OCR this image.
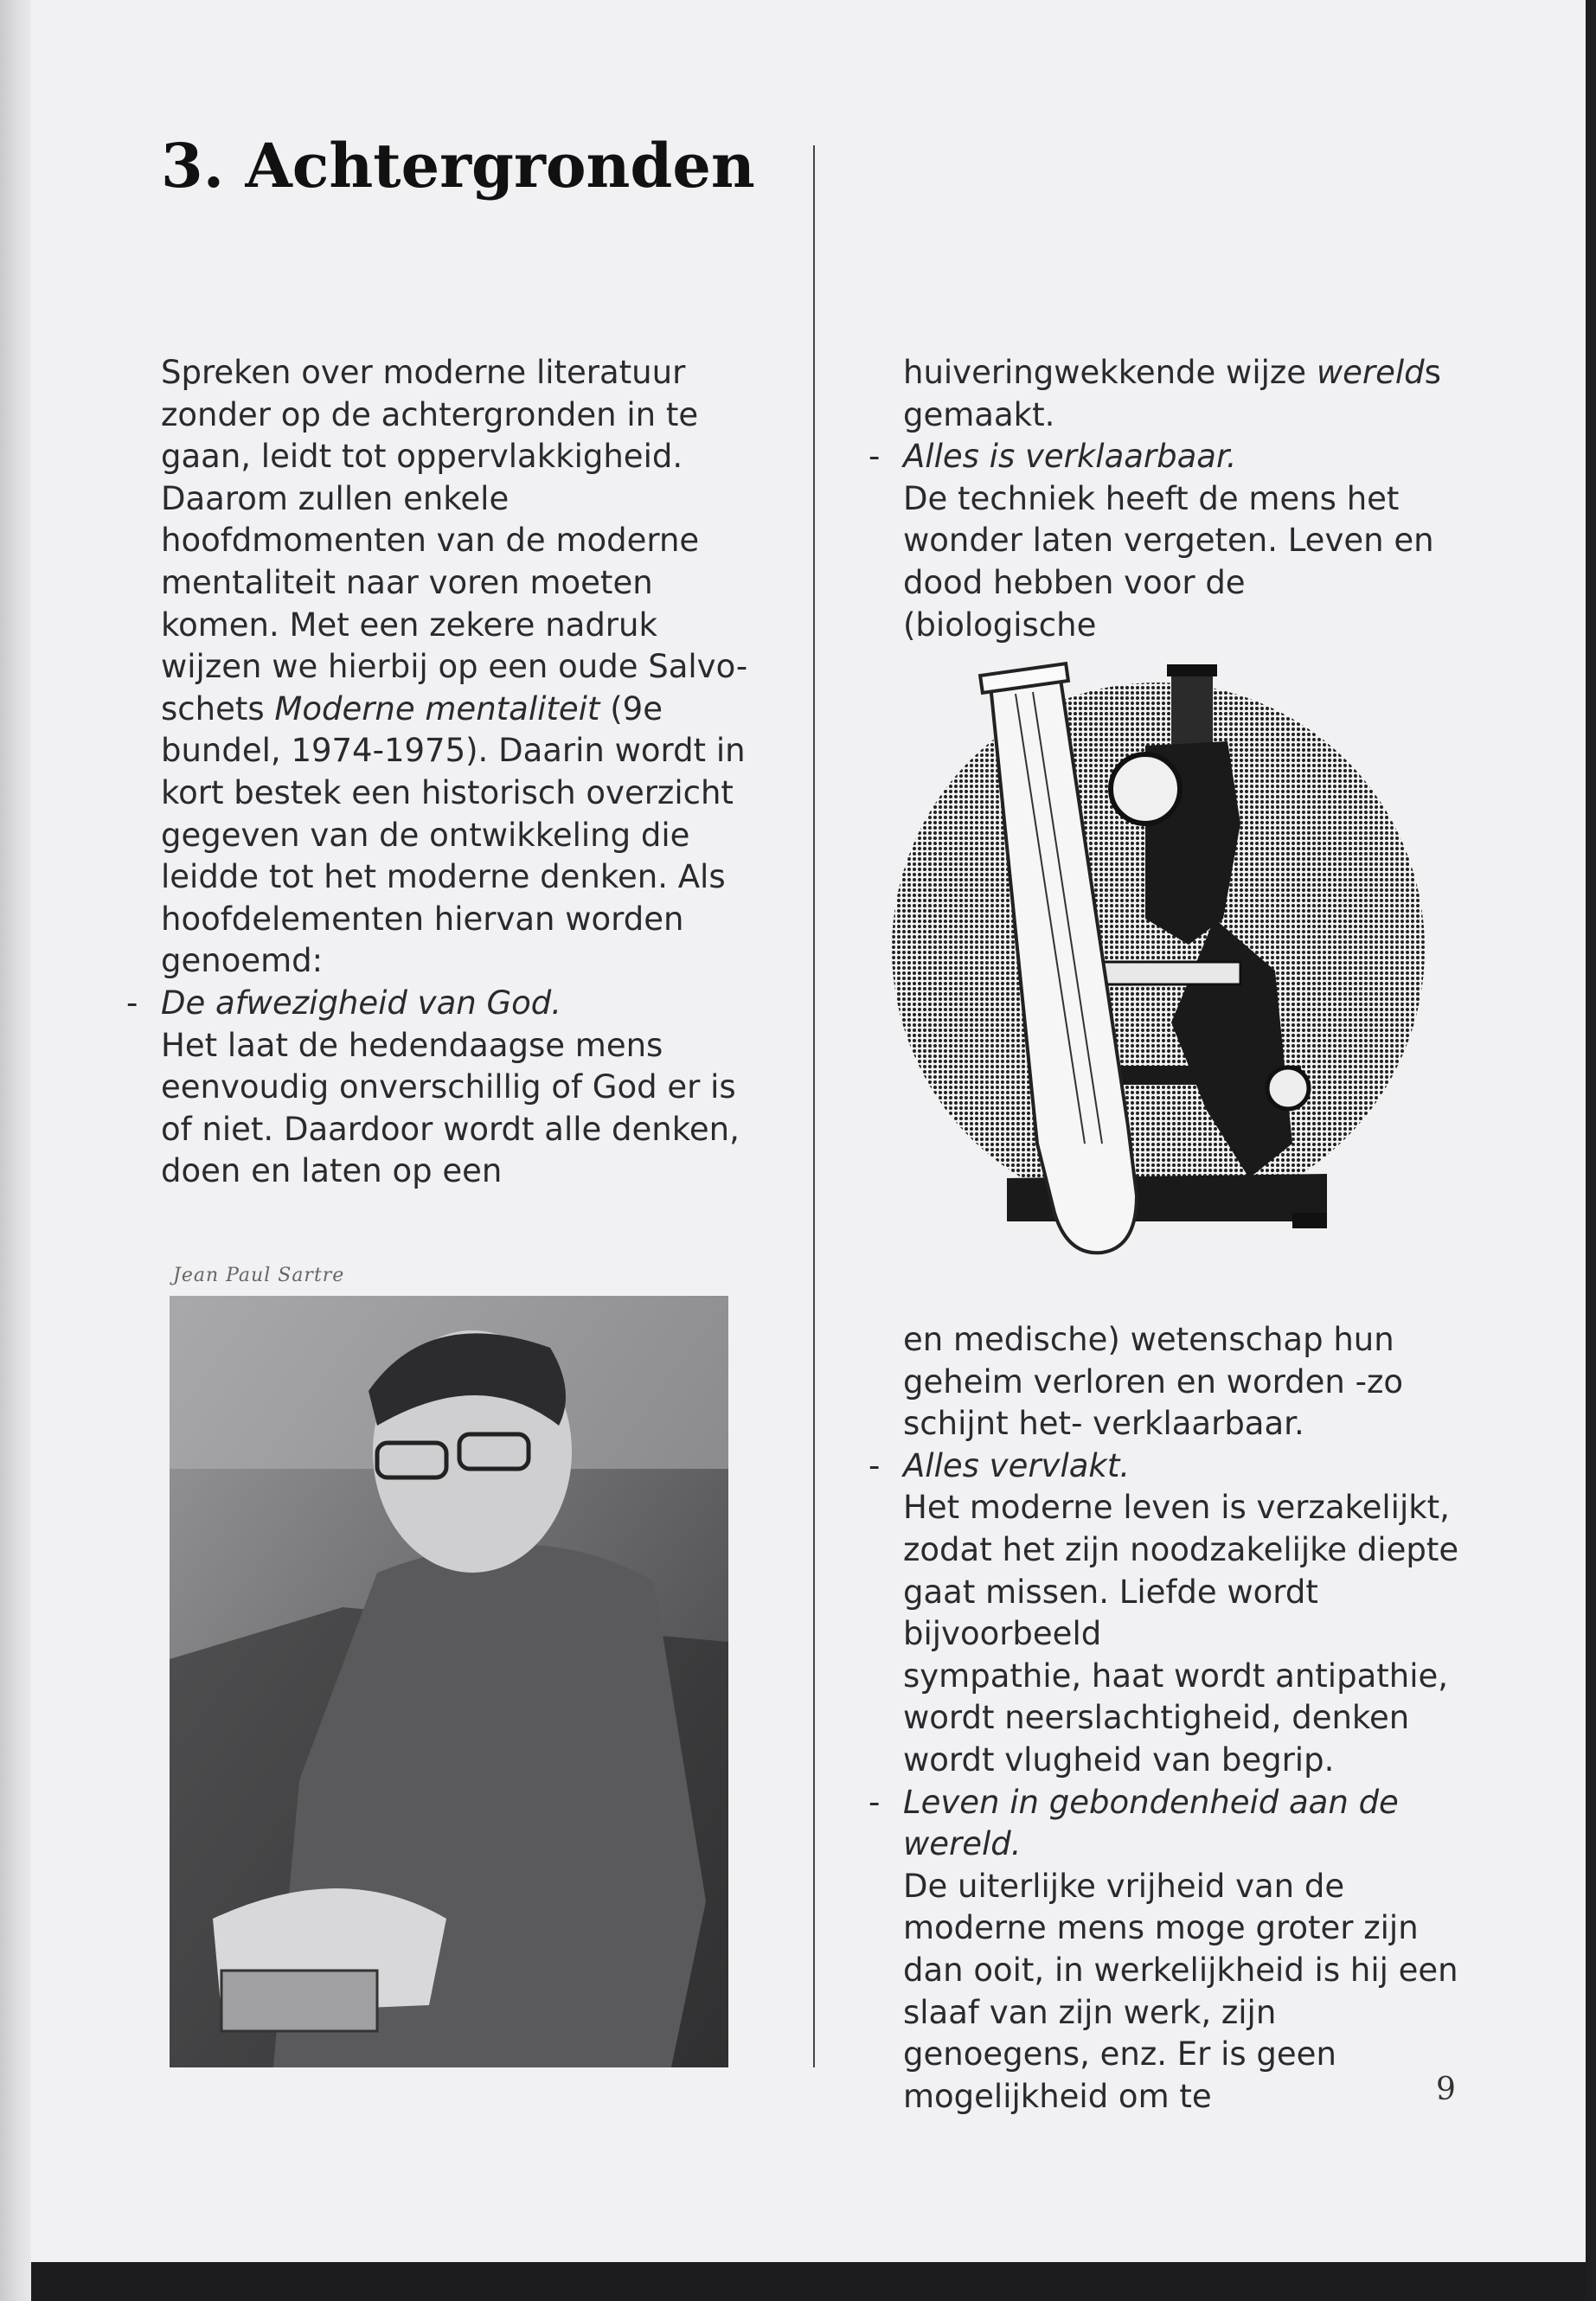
3. Achtergronden

Spreken over moderne literatuur zonder op de achtergronden in te gaan, leidt tot oppervlakkigheid. Daarom zullen enkele hoofdmomenten van de moderne mentaliteit naar voren moeten komen. Met een zekere nadruk wijzen we hierbij op een oude Salvo-schets Moderne mentaliteit (9e bundel, 1974-1975). Daarin wordt in kort bestek een historisch overzicht gegeven van de ontwikkeling die leidde tot het moderne denken. Als hoofdelementen hiervan worden genoemd:

- De afwezigheid van God.

Het laat de hedendaagse mens eenvoudig onverschillig of God er is of niet. Daardoor wordt alle denken, doen en laten op een

huiveringwekkende wijze werelds gemaakt.

- Alles is verklaarbaar.

De techniek heeft de mens het wonder laten vergeten. Leven en dood hebben voor de (biologische

Jean Paul Sartre

en medische) wetenschap hun geheim verloren en worden -zo schijnt het- verklaarbaar.

- Alles vervlakt.

Het moderne leven is verzakelijkt, zodat het zijn noodzakelijke diepte gaat missen. Liefde wordt bijvoorbeeld

sympathie, haat wordt antipathie, wordt neerslachtigheid, denken wordt vlugheid van begrip.

- Leven in gebondenheid aan de wereld.

De uiterlijke vrijheid van de moderne mens moge groter zijn dan ooit, in werkelijkheid is hij een slaaf van zijn werk, zijn genoegens, enz. Er is geen mogelijkheid om te	9
